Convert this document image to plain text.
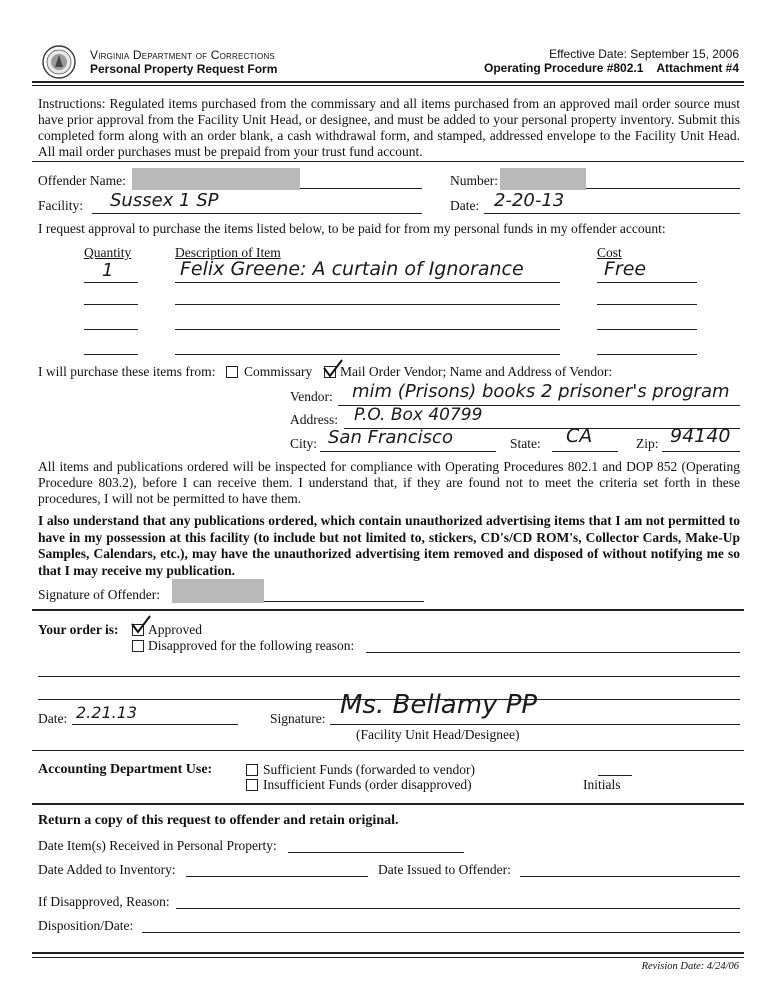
Virginia Department of Corrections
Personal Property Request Form
Effective Date: September 15, 2006
Operating Procedure #802.1 Attachment #4
Instructions: Regulated items purchased from the commissary and all items purchased from an approved mail order source must have prior approval from the Facility Unit Head, or designee, and must be added to your personal property inventory. Submit this completed form along with an order blank, a cash withdrawal form, and stamped, addressed envelope to the Facility Unit Head. All mail order purchases must be prepaid from your trust fund account.
Offender Name:	Number:
Facility: Sussex 1 SP	Date: 2-20-13
I request approval to purchase the items listed below, to be paid for from my personal funds in my offender account:
Quantity	Description of Item	Cost
1	Felix Greene: A curtain of Ignorance	Free
I will purchase these items from: Commissary Mail Order Vendor; Name and Address of Vendor:
Vendor: mim (Prisons) books 2 prisoner's program
Address: P.O. Box 40799
City: San Francisco	State: CA	Zip: 94140
All items and publications ordered will be inspected for compliance with Operating Procedures 802.1 and DOP 852 (Operating Procedure 803.2), before I can receive them. I understand that, if they are found not to meet the criteria set forth in these procedures, I will not be permitted to have them.
I also understand that any publications ordered, which contain unauthorized advertising items that I am not permitted to have in my possession at this facility (to include but not limited to, stickers, CD's/CD ROM's, Collector Cards, Make-Up Samples, Calendars, etc.), may have the unauthorized advertising item removed and disposed of without notifying me so that I may receive my publication.
Signature of Offender:
Your order is: Approved
Disapproved for the following reason:
Date: 2.21.13	Signature: Ms. Bellamy PP
(Facility Unit Head/Designee)
Accounting Department Use:	Sufficient Funds (forwarded to vendor)
Insufficient Funds (order disapproved)	Initials
Return a copy of this request to offender and retain original.
Date Item(s) Received in Personal Property:
Date Added to Inventory:	Date Issued to Offender:
If Disapproved, Reason:
Disposition/Date:
Revision Date: 4/24/06
